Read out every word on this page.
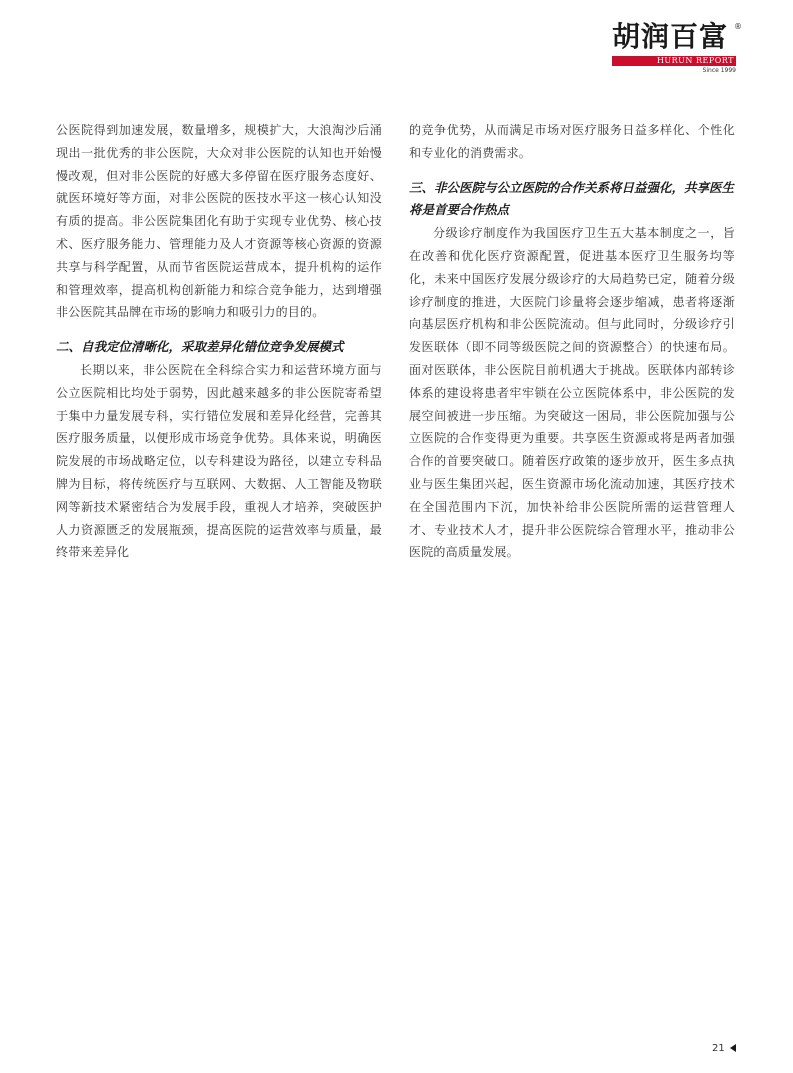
胡润百富 ®
HURUN REPORT
Since 1999

公医院得到加速发展，数量增多，规模扩大，大浪淘沙后涌现出一批优秀的非公医院，大众对非公医院的认知也开始慢慢改观，但对非公医院的好感大多停留在医疗服务态度好、就医环境好等方面，对非公医院的医技水平这一核心认知没有质的提高。非公医院集团化有助于实现专业优势、核心技术、医疗服务能力、管理能力及人才资源等核心资源的资源共享与科学配置，从而节省医院运营成本，提升机构的运作和管理效率，提高机构创新能力和综合竞争能力，达到增强非公医院其品牌在市场的影响力和吸引力的目的。

二、自我定位清晰化，采取差异化错位竞争发展模式

长期以来，非公医院在全科综合实力和运营环境方面与公立医院相比均处于弱势，因此越来越多的非公医院寄希望于集中力量发展专科，实行错位发展和差异化经营，完善其医疗服务质量，以便形成市场竞争优势。具体来说，明确医院发展的市场战略定位，以专科建设为路径，以建立专科品牌为目标，将传统医疗与互联网、大数据、人工智能及物联网等新技术紧密结合为发展手段，重视人才培养，突破医护人力资源匮乏的发展瓶颈，提高医院的运营效率与质量，最终带来差异化

的竞争优势，从而满足市场对医疗服务日益多样化、个性化和专业化的消费需求。

三、非公医院与公立医院的合作关系将日益强化，共享医生将是首要合作热点

分级诊疗制度作为我国医疗卫生五大基本制度之一，旨在改善和优化医疗资源配置，促进基本医疗卫生服务均等化，未来中国医疗发展分级诊疗的大局趋势已定，随着分级诊疗制度的推进，大医院门诊量将会逐步缩减，患者将逐渐向基层医疗机构和非公医院流动。但与此同时，分级诊疗引发医联体（即不同等级医院之间的资源整合）的快速布局。面对医联体，非公医院目前机遇大于挑战。医联体内部转诊体系的建设将患者牢牢锁在公立医院体系中，非公医院的发展空间被进一步压缩。为突破这一困局，非公医院加强与公立医院的合作变得更为重要。共享医生资源或将是两者加强合作的首要突破口。随着医疗政策的逐步放开，医生多点执业与医生集团兴起，医生资源市场化流动加速，其医疗技术在全国范围内下沉，加快补给非公医院所需的运营管理人才、专业技术人才，提升非公医院综合管理水平，推动非公医院的高质量发展。

21
